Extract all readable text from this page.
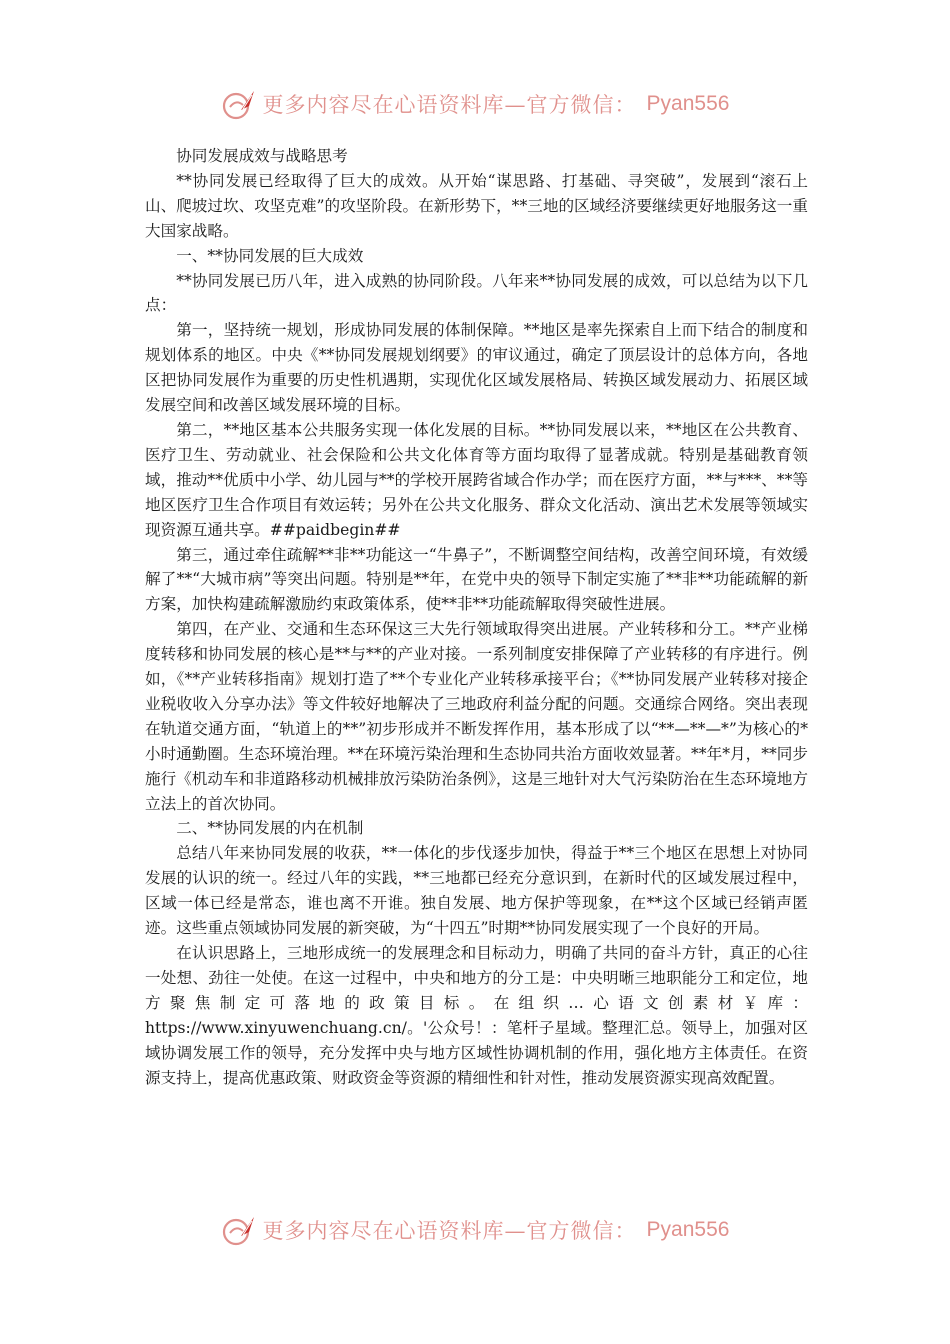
更多内容尽在心语资料库—官方微信： Pyan556

协同发展成效与战略思考

**协同发展已经取得了巨大的成效。从开始“谋思路、打基础、寻突破”，发展到“滚石上山、爬坡过坎、攻坚克难”的攻坚阶段。在新形势下，**三地的区域经济要继续更好地服务这一重大国家战略。

一、**协同发展的巨大成效

**协同发展已历八年，进入成熟的协同阶段。八年来**协同发展的成效，可以总结为以下几点：

第一，坚持统一规划，形成协同发展的体制保障。**地区是率先探索自上而下结合的制度和规划体系的地区。中央《**协同发展规划纲要》的审议通过，确定了顶层设计的总体方向，各地区把协同发展作为重要的历史性机遇期，实现优化区域发展格局、转换区域发展动力、拓展区域发展空间和改善区域发展环境的目标。

第二，**地区基本公共服务实现一体化发展的目标。**协同发展以来，**地区在公共教育、医疗卫生、劳动就业、社会保险和公共文化体育等方面均取得了显著成就。特别是基础教育领域，推动**优质中小学、幼儿园与**的学校开展跨省域合作办学；而在医疗方面，**与***、**等地区医疗卫生合作项目有效运转；另外在公共文化服务、群众文化活动、演出艺术发展等领域实现资源互通共享。##paidbegin##

第三，通过牵住疏解**非**功能这一“牛鼻子”，不断调整空间结构，改善空间环境，有效缓解了**“大城市病”等突出问题。特别是**年，在党中央的领导下制定实施了**非**功能疏解的新方案，加快构建疏解激励约束政策体系，使**非**功能疏解取得突破性进展。

第四，在产业、交通和生态环保这三大先行领域取得突出进展。产业转移和分工。**产业梯度转移和协同发展的核心是**与**的产业对接。一系列制度安排保障了产业转移的有序进行。例如，《**产业转移指南》规划打造了**个专业化产业转移承接平台；《**协同发展产业转移对接企业税收收入分享办法》等文件较好地解决了三地政府利益分配的问题。交通综合网络。突出表现在轨道交通方面，“轨道上的**”初步形成并不断发挥作用，基本形成了以“**—**—*”为核心的*小时通勤圈。生态环境治理。**在环境污染治理和生态协同共治方面收效显著。**年*月，**同步施行《机动车和非道路移动机械排放污染防治条例》，这是三地针对大气污染防治在生态环境地方立法上的首次协同。

二、**协同发展的内在机制

总结八年来协同发展的收获，**一体化的步伐逐步加快，得益于**三个地区在思想上对协同发展的认识的统一。经过八年的实践，**三地都已经充分意识到，在新时代的区域发展过程中，区域一体已经是常态，谁也离不开谁。独自发展、地方保护等现象，在**这个区域已经销声匿迹。这些重点领域协同发展的新突破，为“十四五”时期**协同发展实现了一个良好的开局。

在认识思路上，三地形成统一的发展理念和目标动力，明确了共同的奋斗方针，真正的心往一处想、劲往一处使。在这一过程中，中央和地方的分工是：中央明晰三地职能分工和定位，地方聚焦制定可落地的政策目标。在组织…心语文创素材￥库：https://www.xinyuwenchuang.cn/。'公众号！：笔杆子星域。整理汇总。领导上，加强对区域协调发展工作的领导，充分发挥中央与地方区域性协调机制的作用，强化地方主体责任。在资源支持上，提高优惠政策、财政资金等资源的精细性和针对性，推动发展资源实现高效配置。

更多内容尽在心语资料库—官方微信： Pyan556
